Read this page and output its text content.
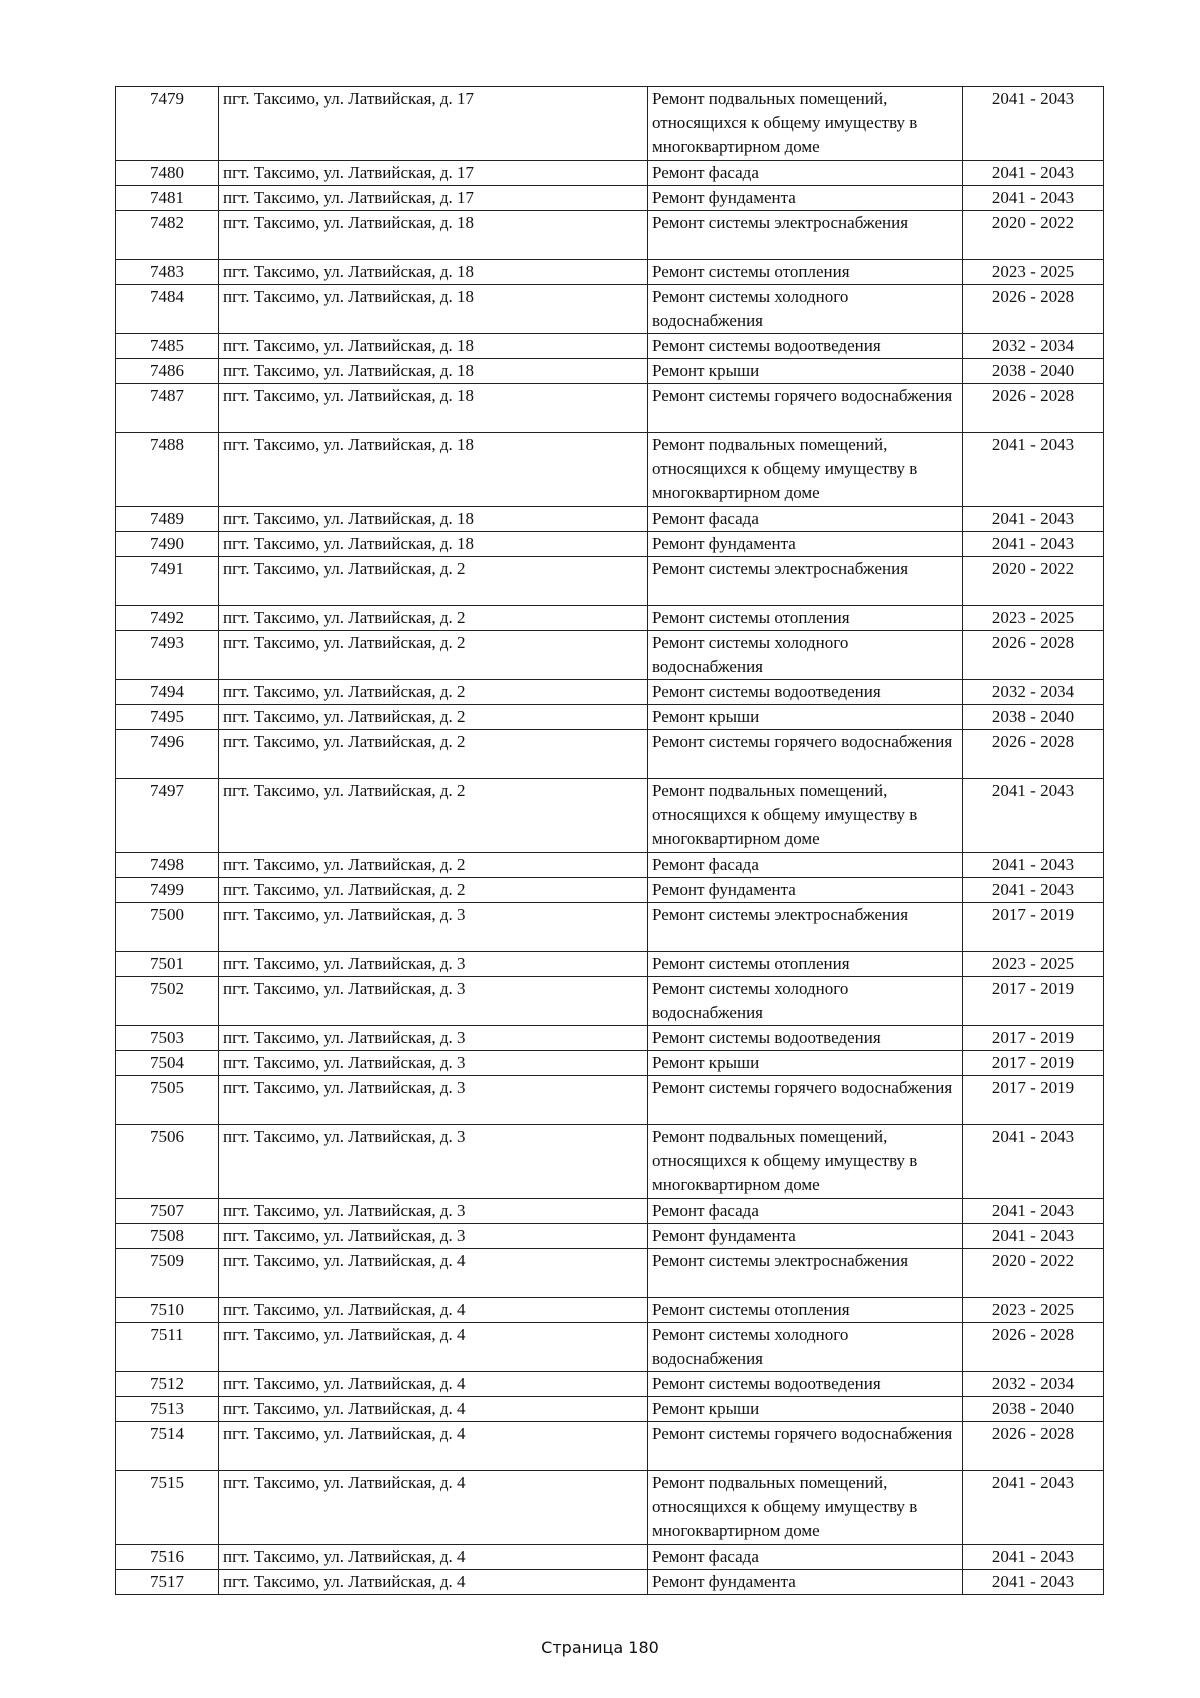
7479	пгт. Таксимо, ул. Латвийская, д. 17	Ремонт подвальных помещений, относящихся к общему имуществу в многоквартирном доме	2041 - 2043
7480	пгт. Таксимо, ул. Латвийская, д. 17	Ремонт фасада	2041 - 2043
7481	пгт. Таксимо, ул. Латвийская, д. 17	Ремонт фундамента	2041 - 2043
7482	пгт. Таксимо, ул. Латвийская, д. 18	Ремонт системы электроснабжения	2020 - 2022
7483	пгт. Таксимо, ул. Латвийская, д. 18	Ремонт системы отопления	2023 - 2025
7484	пгт. Таксимо, ул. Латвийская, д. 18	Ремонт системы холодного водоснабжения	2026 - 2028
7485	пгт. Таксимо, ул. Латвийская, д. 18	Ремонт системы водоотведения	2032 - 2034
7486	пгт. Таксимо, ул. Латвийская, д. 18	Ремонт крыши	2038 - 2040
7487	пгт. Таксимо, ул. Латвийская, д. 18	Ремонт системы горячего водоснабжения	2026 - 2028
7488	пгт. Таксимо, ул. Латвийская, д. 18	Ремонт подвальных помещений, относящихся к общему имуществу в многоквартирном доме	2041 - 2043
7489	пгт. Таксимо, ул. Латвийская, д. 18	Ремонт фасада	2041 - 2043
7490	пгт. Таксимо, ул. Латвийская, д. 18	Ремонт фундамента	2041 - 2043
7491	пгт. Таксимо, ул. Латвийская, д. 2	Ремонт системы электроснабжения	2020 - 2022
7492	пгт. Таксимо, ул. Латвийская, д. 2	Ремонт системы отопления	2023 - 2025
7493	пгт. Таксимо, ул. Латвийская, д. 2	Ремонт системы холодного водоснабжения	2026 - 2028
7494	пгт. Таксимо, ул. Латвийская, д. 2	Ремонт системы водоотведения	2032 - 2034
7495	пгт. Таксимо, ул. Латвийская, д. 2	Ремонт крыши	2038 - 2040
7496	пгт. Таксимо, ул. Латвийская, д. 2	Ремонт системы горячего водоснабжения	2026 - 2028
7497	пгт. Таксимо, ул. Латвийская, д. 2	Ремонт подвальных помещений, относящихся к общему имуществу в многоквартирном доме	2041 - 2043
7498	пгт. Таксимо, ул. Латвийская, д. 2	Ремонт фасада	2041 - 2043
7499	пгт. Таксимо, ул. Латвийская, д. 2	Ремонт фундамента	2041 - 2043
7500	пгт. Таксимо, ул. Латвийская, д. 3	Ремонт системы электроснабжения	2017 - 2019
7501	пгт. Таксимо, ул. Латвийская, д. 3	Ремонт системы отопления	2023 - 2025
7502	пгт. Таксимо, ул. Латвийская, д. 3	Ремонт системы холодного водоснабжения	2017 - 2019
7503	пгт. Таксимо, ул. Латвийская, д. 3	Ремонт системы водоотведения	2017 - 2019
7504	пгт. Таксимо, ул. Латвийская, д. 3	Ремонт крыши	2017 - 2019
7505	пгт. Таксимо, ул. Латвийская, д. 3	Ремонт системы горячего водоснабжения	2017 - 2019
7506	пгт. Таксимо, ул. Латвийская, д. 3	Ремонт подвальных помещений, относящихся к общему имуществу в многоквартирном доме	2041 - 2043
7507	пгт. Таксимо, ул. Латвийская, д. 3	Ремонт фасада	2041 - 2043
7508	пгт. Таксимо, ул. Латвийская, д. 3	Ремонт фундамента	2041 - 2043
7509	пгт. Таксимо, ул. Латвийская, д. 4	Ремонт системы электроснабжения	2020 - 2022
7510	пгт. Таксимо, ул. Латвийская, д. 4	Ремонт системы отопления	2023 - 2025
7511	пгт. Таксимо, ул. Латвийская, д. 4	Ремонт системы холодного водоснабжения	2026 - 2028
7512	пгт. Таксимо, ул. Латвийская, д. 4	Ремонт системы водоотведения	2032 - 2034
7513	пгт. Таксимо, ул. Латвийская, д. 4	Ремонт крыши	2038 - 2040
7514	пгт. Таксимо, ул. Латвийская, д. 4	Ремонт системы горячего водоснабжения	2026 - 2028
7515	пгт. Таксимо, ул. Латвийская, д. 4	Ремонт подвальных помещений, относящихся к общему имуществу в многоквартирном доме	2041 - 2043
7516	пгт. Таксимо, ул. Латвийская, д. 4	Ремонт фасада	2041 - 2043
7517	пгт. Таксимо, ул. Латвийская, д. 4	Ремонт фундамента	2041 - 2043
Страница 180
